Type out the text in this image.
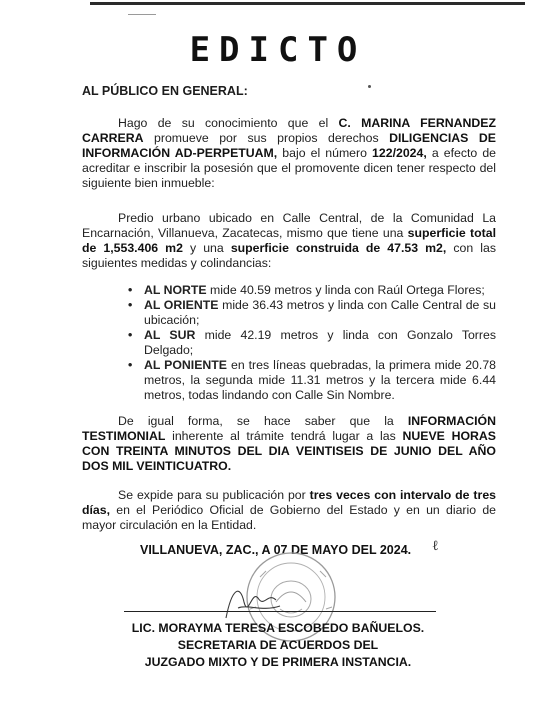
EDICTO
AL PÚBLICO EN GENERAL:
Hago de su conocimiento que el C. MARINA FERNANDEZ CARRERA promueve por sus propios derechos DILIGENCIAS DE INFORMACIÓN AD-PERPETUAM, bajo el número 122/2024, a efecto de acreditar e inscribir la posesión que el promovente dicen tener respecto del siguiente bien inmueble:
Predio urbano ubicado en Calle Central, de la Comunidad La Encarnación, Villanueva, Zacatecas, mismo que tiene una superficie total de 1,553.406 m2 y una superficie construida de 47.53 m2, con las siguientes medidas y colindancias:
• AL NORTE mide 40.59 metros y linda con Raúl Ortega Flores;
• AL ORIENTE mide 36.43 metros y linda con Calle Central de su ubicación;
• AL SUR mide 42.19 metros y linda con Gonzalo Torres Delgado;
• AL PONIENTE en tres líneas quebradas, la primera mide 20.78 metros, la segunda mide 11.31 metros y la tercera mide 6.44 metros, todas lindando con Calle Sin Nombre.
De igual forma, se hace saber que la INFORMACIÓN TESTIMONIAL inherente al trámite tendrá lugar a las NUEVE HORAS CON TREINTA MINUTOS DEL DIA VEINTISEIS DE JUNIO DEL AÑO DOS MIL VEINTICUATRO.
Se expide para su publicación por tres veces con intervalo de tres días, en el Periódico Oficial de Gobierno del Estado y en un diario de mayor circulación en la Entidad.
VILLANUEVA, ZAC., A 07 DE MAYO DEL 2024. ℓ
LIC. MORAYMA TERESA ESCOBEDO BAÑUELOS.
SECRETARIA DE ACUERDOS DEL
JUZGADO MIXTO Y DE PRIMERA INSTANCIA.
